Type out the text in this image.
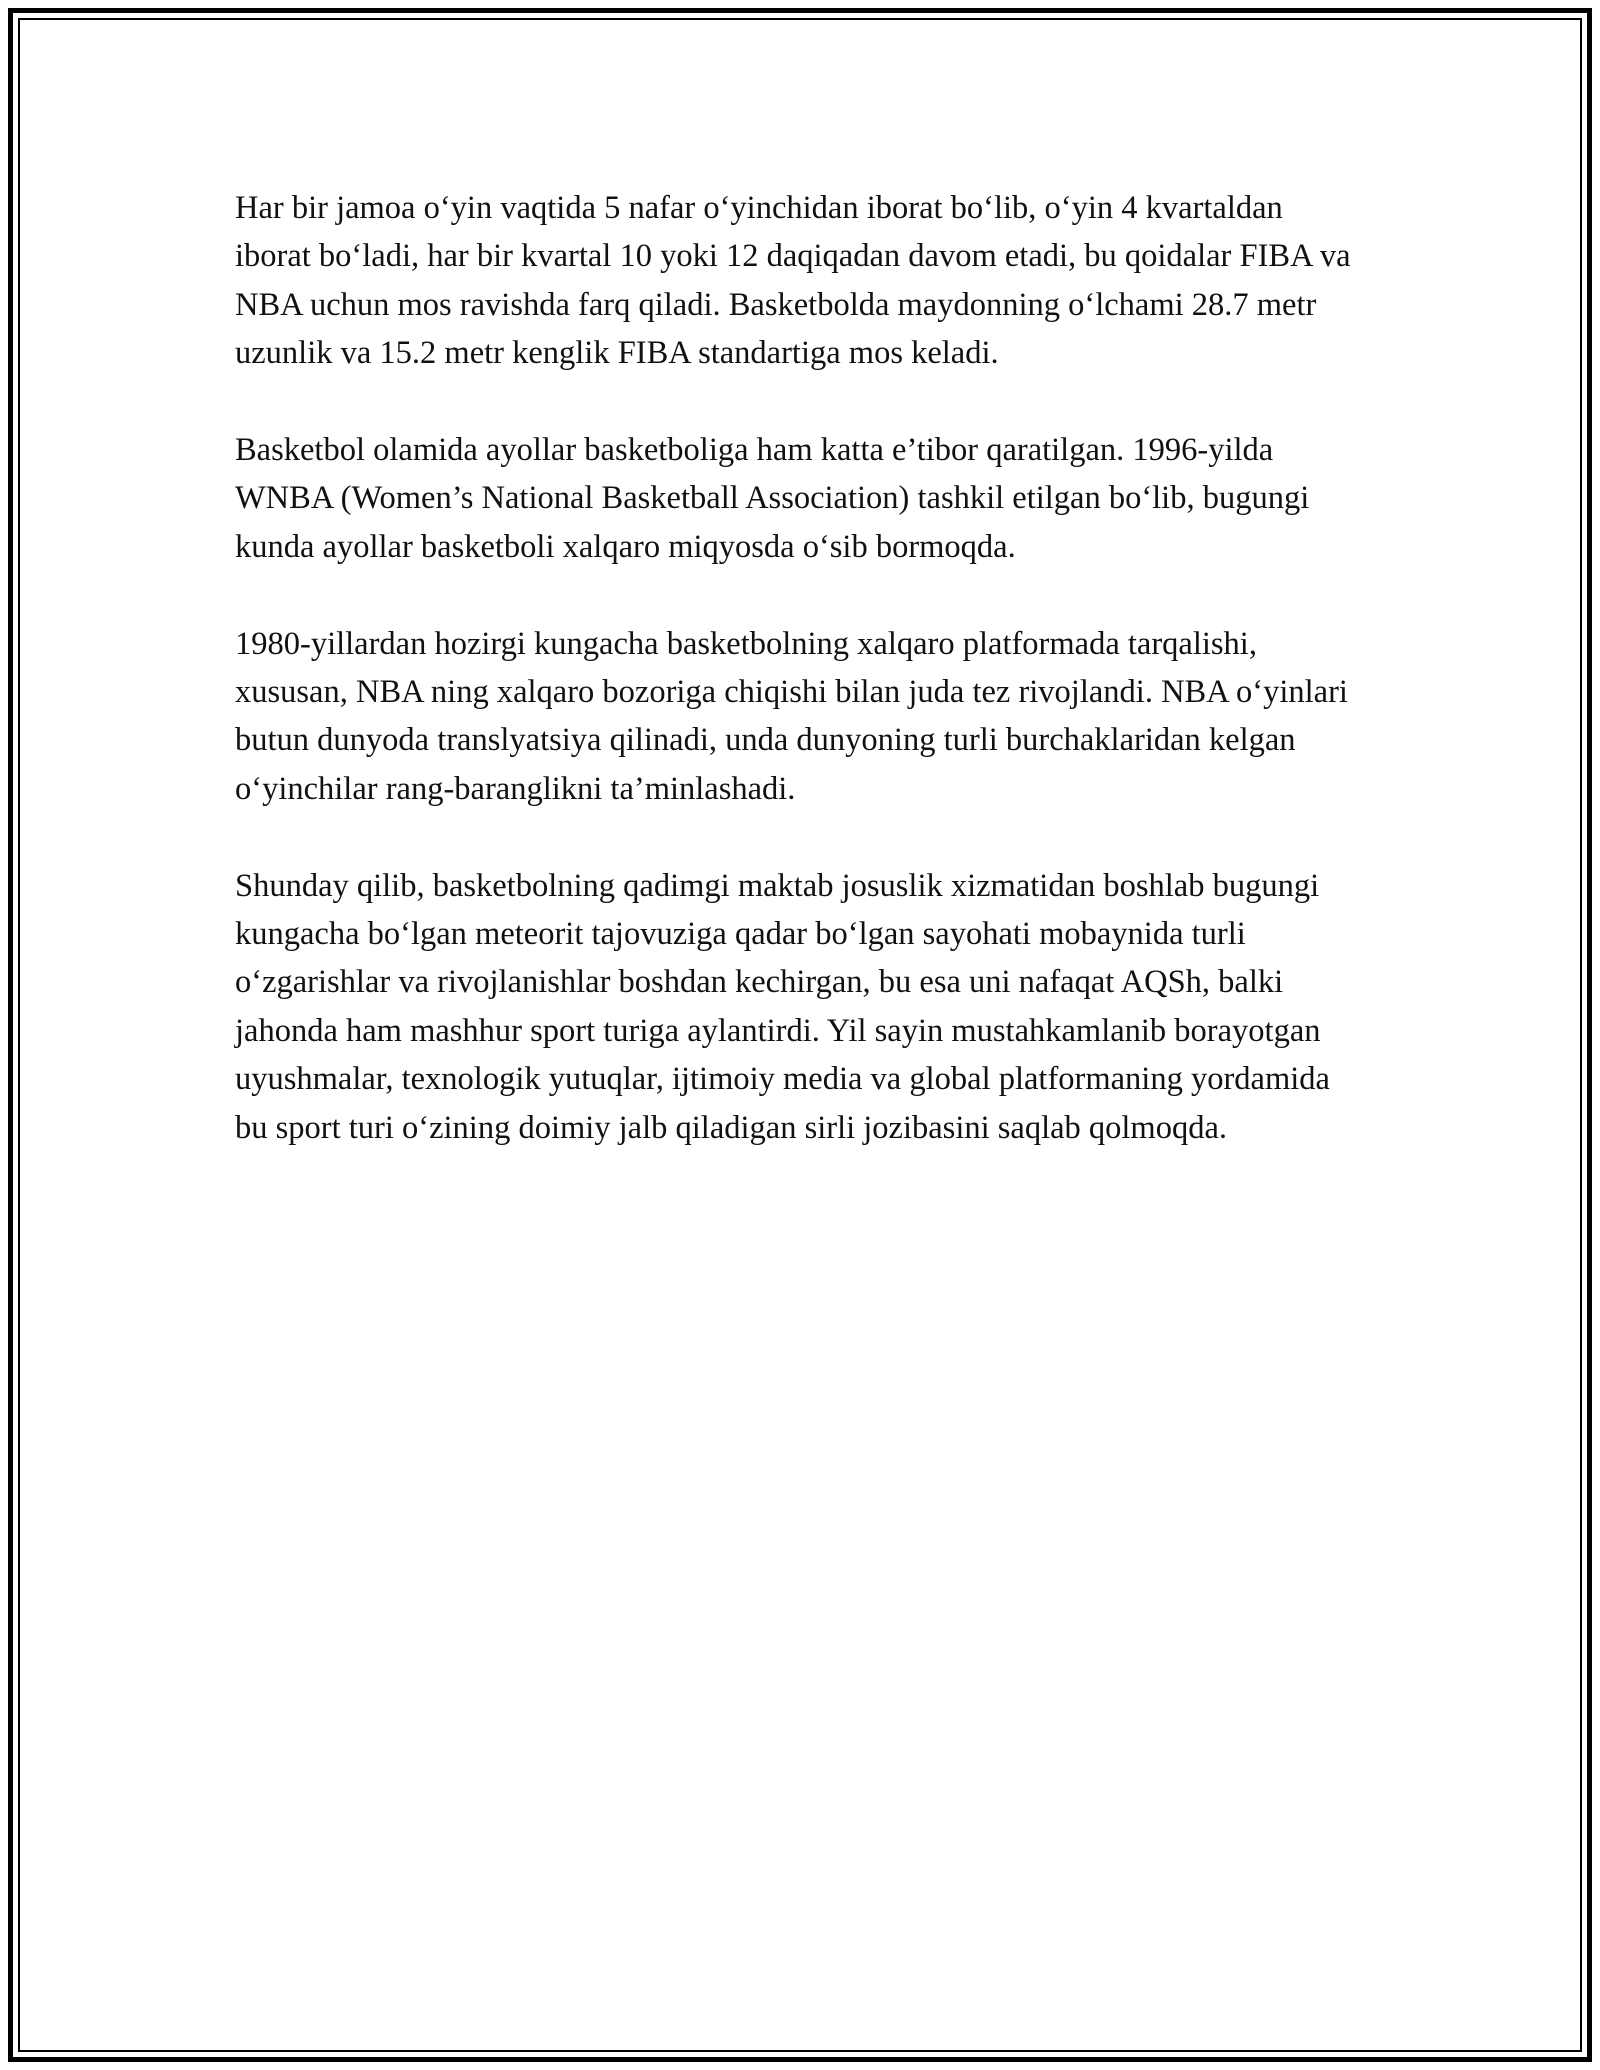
Har bir jamoa o‘yin vaqtida 5 nafar o‘yinchidan iborat bo‘lib, o‘yin 4 kvartaldan iborat bo‘ladi, har bir kvartal 10 yoki 12 daqiqadan davom etadi, bu qoidalar FIBA va NBA uchun mos ravishda farq qiladi. Basketbolda maydonning o‘lchami 28.7 metr uzunlik va 15.2 metr kenglik FIBA standartiga mos keladi.

Basketbol olamida ayollar basketboliga ham katta e’tibor qaratilgan. 1996-yilda WNBA (Women’s National Basketball Association) tashkil etilgan bo‘lib, bugungi kunda ayollar basketboli xalqaro miqyosda o‘sib bormoqda.

1980-yillardan hozirgi kungacha basketbolning xalqaro platformada tarqalishi, xususan, NBA ning xalqaro bozoriga chiqishi bilan juda tez rivojlandi. NBA o‘yinlari butun dunyoda translyatsiya qilinadi, unda dunyoning turli burchaklaridan kelgan o‘yinchilar rang-baranglikni ta’minlashadi.

Shunday qilib, basketbolning qadimgi maktab josuslik xizmatidan boshlab bugungi kungacha bo‘lgan meteorit tajovuziga qadar bo‘lgan sayohati mobaynida turli o‘zgarishlar va rivojlanishlar boshdan kechirgan, bu esa uni nafaqat AQSh, balki jahonda ham mashhur sport turiga aylantirdi. Yil sayin mustahkamlanib borayotgan uyushmalar, texnologik yutuqlar, ijtimoiy media va global platformaning yordamida bu sport turi o‘zining doimiy jalb qiladigan sirli jozibasini saqlab qolmoqda.
